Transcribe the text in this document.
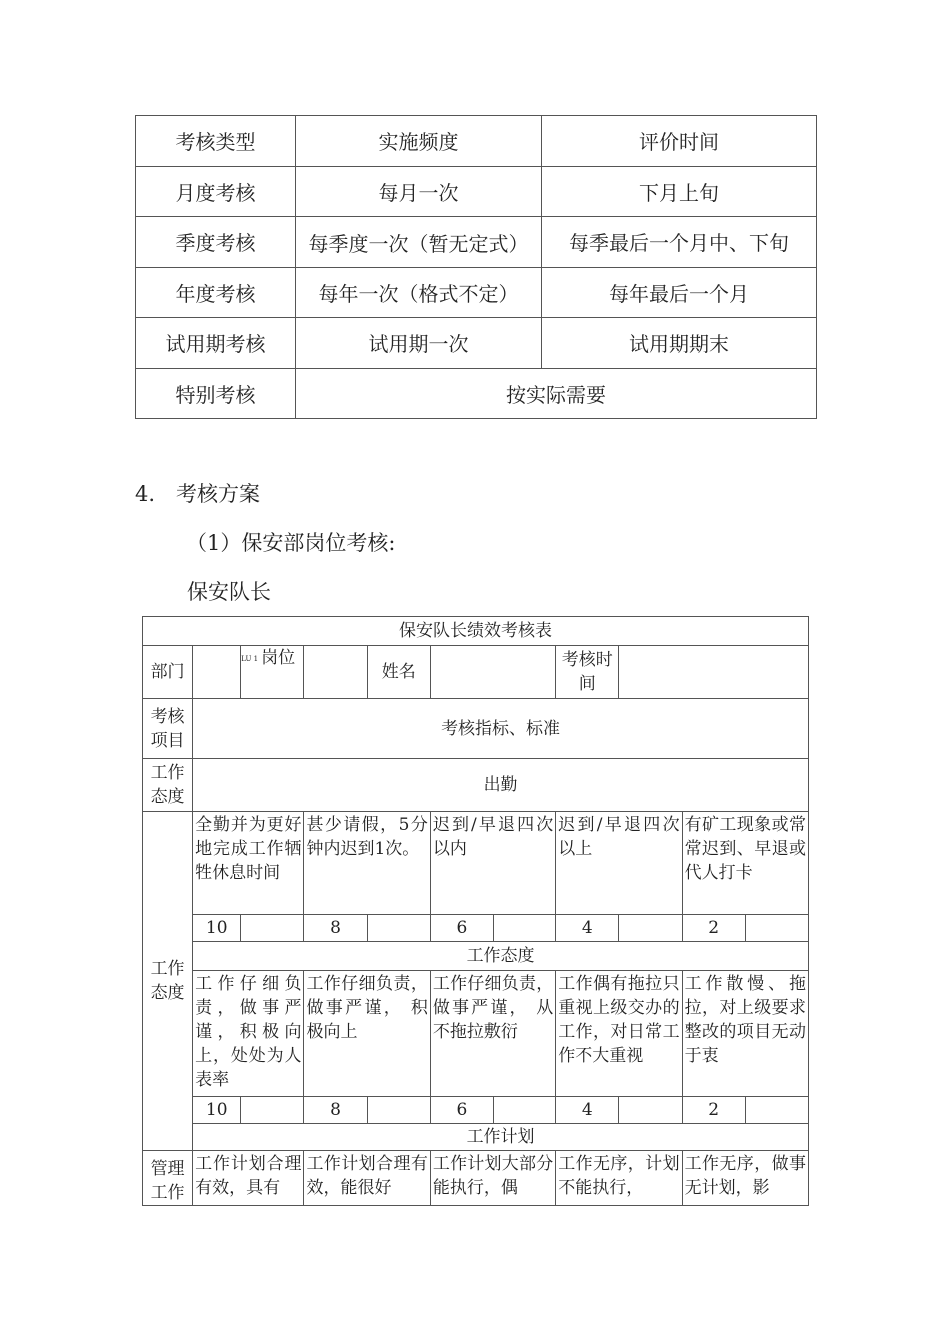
考核类型	实施频度	评价时间
月度考核	每月一次	下月上旬
季度考核	每季度一次（暂无定式）	每季最后一个月中、下旬
年度考核	每年一次（格式不定）	每年最后一个月
试用期考核	试用期一次	试用期期末
特别考核	按实际需要	
4.　考核方案
（1）保安部岗位考核:
保安队长
保安队长绩效考核表										
部门		LU 1 岗位		姓名			考核时间			
考核项目	考核指标、标准									
工作态度	出勤									
工作态度	全勤并为更好地完成工作牺牲休息时间		甚少请假，5分 钟内迟到1次。		迟到/早退四次以内		迟到/早退四次以上		有矿工现象或常常迟到、早退或代人打卡	
	10		8		6		4		2	
	工作态度									
	工作仔细负责，做事严谨，积极向上，处处为人 表率		工作仔细负责，做事严谨， 积极向上		工作仔细负责，做事严谨， 从不拖拉敷衍		工作偶有拖拉只重视上级交办的工作，对日常工作不大重视		工作散慢、拖拉，对上级要求整改的项目无动于衷	
	10		8		6		4		2	
	工作计划									
管理工作	工作计划合理有效，具有		工作计划合理有效，能很好		工作计划大部分能执行，偶		工作无序，计划不能执行，		工作无序，做事无计划，影	
